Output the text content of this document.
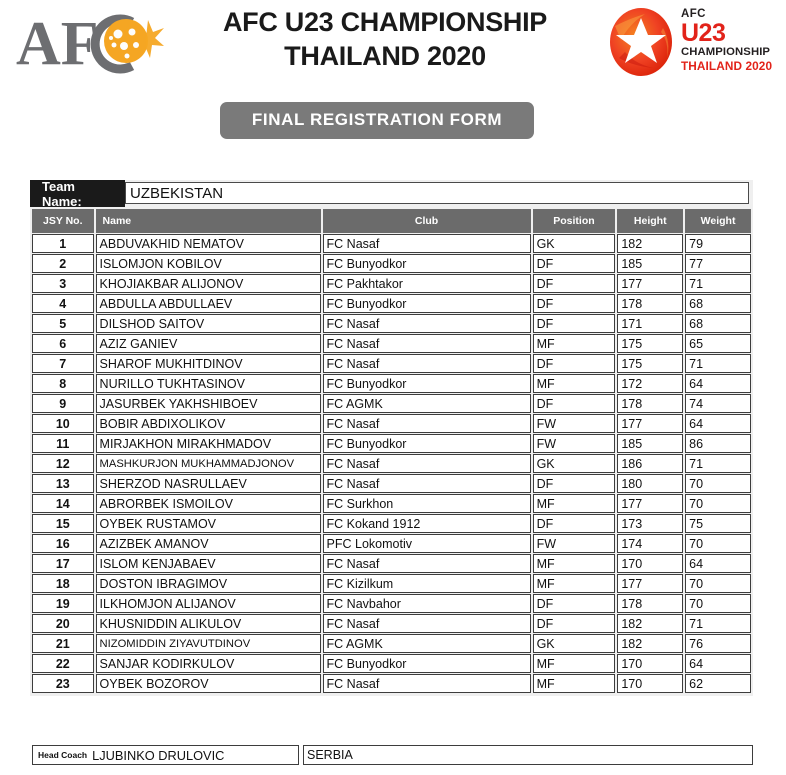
AF	AFC U23 CHAMPIONSHIP
THAILAND 2020
AFC
U23
CHAMPIONSHIP
THAILAND 2020
FINAL REGISTRATION FORM
Team Name:	UZBEKISTAN
JSY No.	Name	Club	Position	Height	Weight
1	ABDUVAKHID NEMATOV	FC Nasaf	GK	182	79
2	ISLOMJON KOBILOV	FC Bunyodkor	DF	185	77
3	KHOJIAKBAR ALIJONOV	FC Pakhtakor	DF	177	71
4	ABDULLA ABDULLAEV	FC Bunyodkor	DF	178	68
5	DILSHOD SAITOV	FC Nasaf	DF	171	68
6	AZIZ GANIEV	FC Nasaf	MF	175	65
7	SHAROF MUKHITDINOV	FC Nasaf	DF	175	71
8	NURILLO TUKHTASINOV	FC Bunyodkor	MF	172	64
9	JASURBEK YAKHSHIBOEV	FC AGMK	DF	178	74
10	BOBIR ABDIXOLIKOV	FC Nasaf	FW	177	64
11	MIRJAKHON MIRAKHMADOV	FC Bunyodkor	FW	185	86
12	MASHKURJON MUKHAMMADJONOV	FC Nasaf	GK	186	71
13	SHERZOD NASRULLAEV	FC Nasaf	DF	180	70
14	ABRORBEK ISMOILOV	FC Surkhon	MF	177	70
15	OYBEK RUSTAMOV	FC Kokand 1912	DF	173	75
16	AZIZBEK AMANOV	PFC Lokomotiv	FW	174	70
17	ISLOM KENJABAEV	FC Nasaf	MF	170	64
18	DOSTON IBRAGIMOV	FC Kizilkum	MF	177	70
19	ILKHOMJON ALIJANOV	FC Navbahor	DF	178	70
20	KHUSNIDDIN ALIKULOV	FC Nasaf	DF	182	71
21	NIZOMIDDIN ZIYAVUTDINOV	FC AGMK	GK	182	76
22	SANJAR KODIRKULOV	FC Bunyodkor	MF	170	64
23	OYBEK BOZOROV	FC Nasaf	MF	170	62
Head Coach LJUBINKO DRULOVIC	SERBIA
